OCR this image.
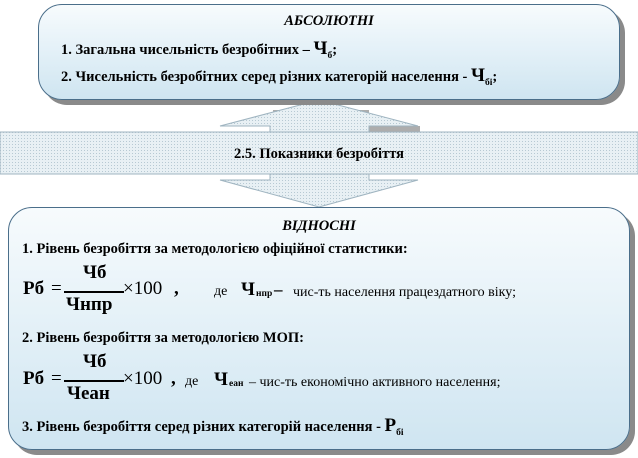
2.5. Показники безробіття
АБСОЛЮТНІ
1. Загальна чисельність безробітних – $Ч_б$;
2. Чисельність безробітних серед різних категорій населення - $Ч_{бі}$;
ВІДНОСНІ
1. Рівень безробіття за методологією офіційної статистики:
Рб =
Чб
Чнпр
×100 ,	де Ч нпр – чис-ть населення працездатного віку;
2. Рівень безробіття за методологією МОП:
Рб =
Чб
Чеан
×100 , де Ч еан – чис-ть економічно активного населення;
3. Рівень безробіття серед різних категорій населення - $Р_{бі}$
